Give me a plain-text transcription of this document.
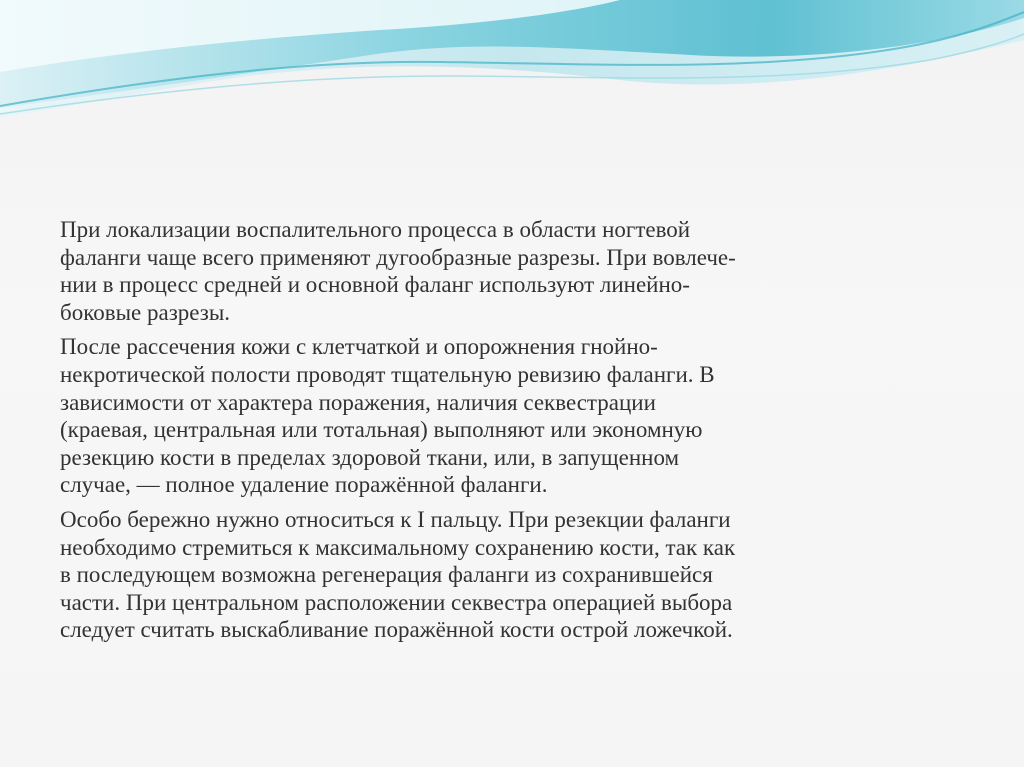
При локализации воспалительного процесса в области ногтевой
фаланги чаще всего применяют дугообразные разрезы. При вовлече-
нии в процесс средней и основной фаланг используют линейно-
боковые разрезы.

После рассечения кожи с клетчаткой и опорожнения гнойно-
некротической полости проводят тщательную ревизию фаланги. В
зависимости от характера поражения, наличия секвестрации
(краевая, центральная или тотальная) выполняют или экономную
резекцию кости в пределах здоровой ткани, или, в запущенном
случае, — полное удаление поражённой фаланги.

Особо бережно нужно относиться к I пальцу. При резекции фаланги
необходимо стремиться к максимальному сохранению кости, так как
в последующем возможна регенерация фаланги из сохранившейся
части. При центральном расположении секвестра операцией выбора
следует считать выскабливание поражённой кости острой ложечкой.
